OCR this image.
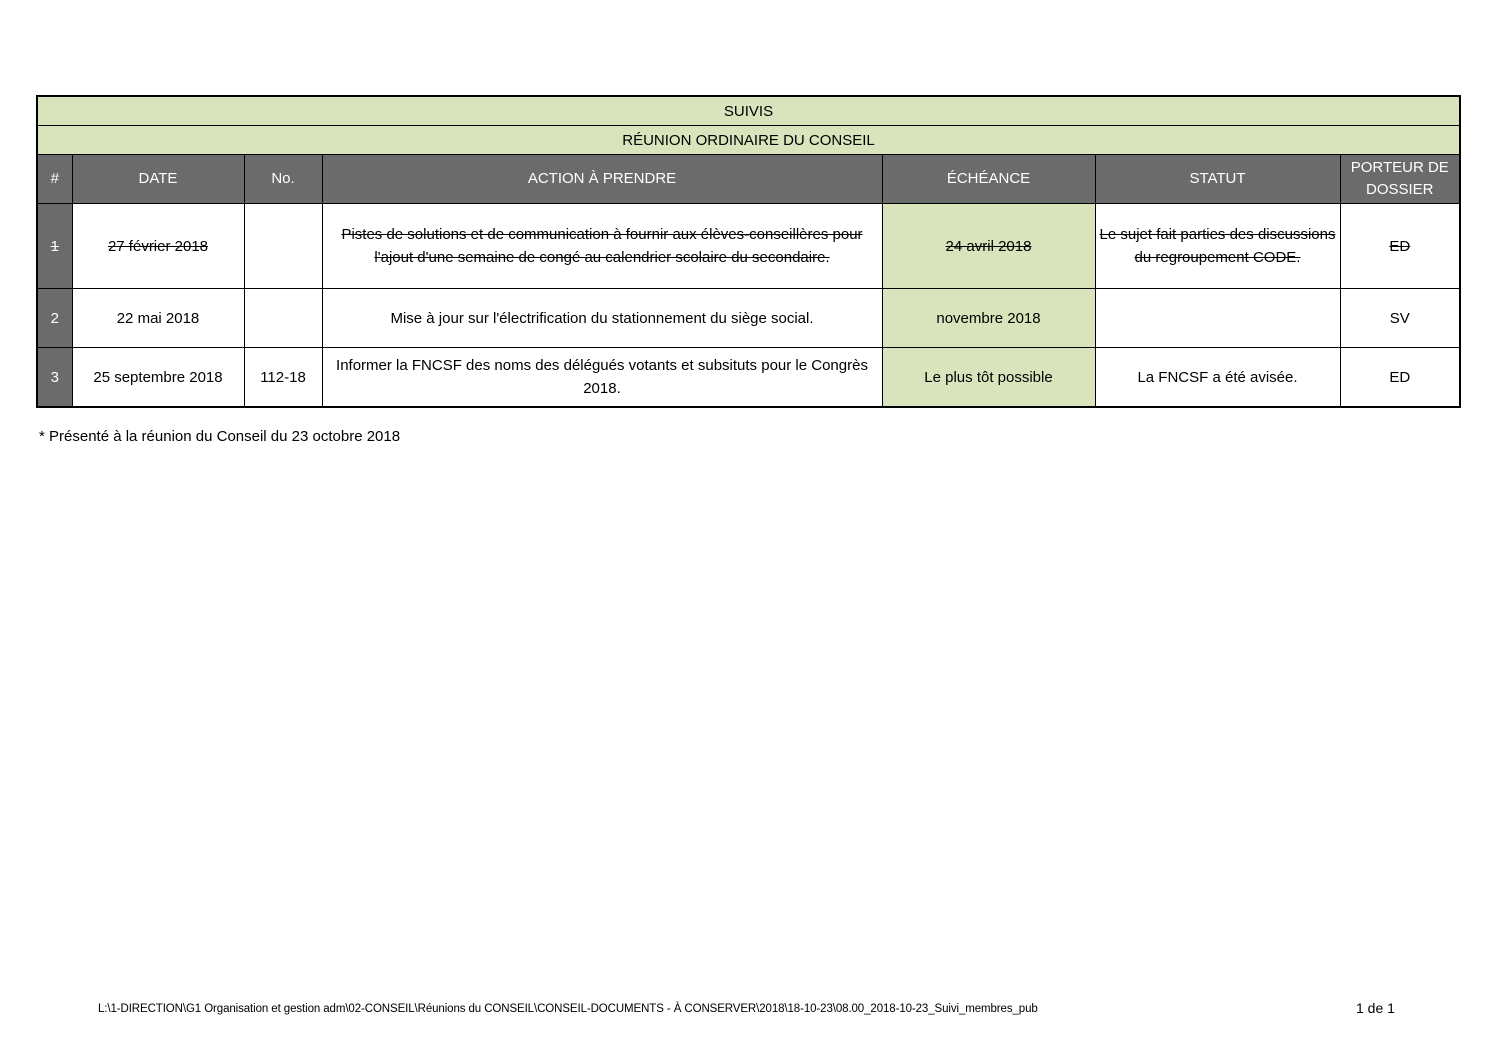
SUIVIS						
RÉUNION ORDINAIRE DU CONSEIL						
#	DATE	No.	ACTION À PRENDRE	ÉCHÉANCE	STATUT	PORTEUR DE DOSSIER
1	27 février 2018		Pistes de solutions et de communication à fournir aux élèves-conseillères pour l'ajout d'une semaine de congé au calendrier scolaire du secondaire.	24 avril 2018	Le sujet fait parties des discussions du regroupement CODE.	ED
2	22 mai 2018		Mise à jour sur l'électrification du stationnement du siège social.	novembre 2018		SV
3	25 septembre 2018	112-18	Informer la FNCSF des noms des délégués votants et subsituts pour le Congrès 2018.	Le plus tôt possible	La FNCSF a été avisée.	ED
* Présenté à la réunion du Conseil du 23 octobre 2018
L:\1-DIRECTION\G1 Organisation et gestion adm\02-CONSEIL\Réunions du CONSEIL\CONSEIL-DOCUMENTS - À CONSERVER\2018\18-10-23\08.00_2018-10-23_Suivi_membres_pub	1 de 1
